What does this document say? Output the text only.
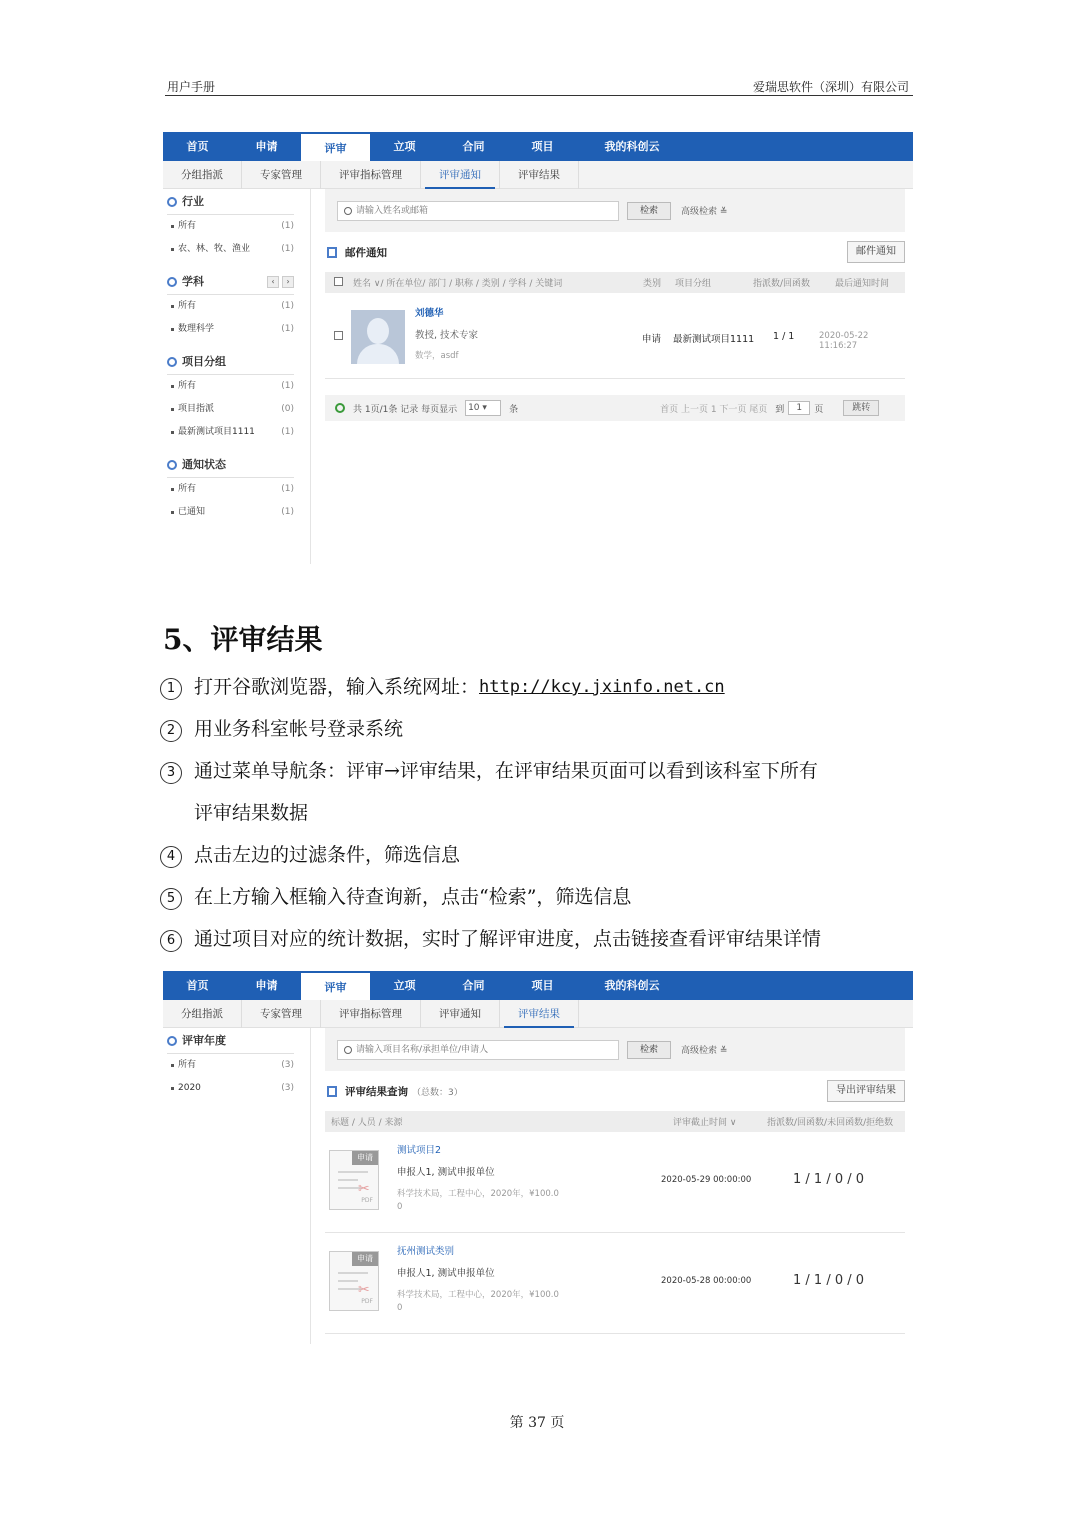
用户手册	爱瑞思软件（深圳）有限公司
首页	申请	评审	立项	合同	项目	我的科创云
分组指派	专家管理	评审指标管理	评审通知	评审结果
行业
所有	(1)
农、林、牧、渔业	(1)
学科	‹	›
所有	(1)
数理科学	(1)
项目分组
所有	(1)
项目指派	(0)
最新测试项目1111	(1)
通知状态
所有	(1)
已通知	(1)
请输入姓名或邮箱	检索	高级检索 ≚
邮件通知	邮件通知
姓名 ∨/ 所在单位/ 部门 / 职称 / 类别 / 学科 / 关键词	类别 项目分组	指派数/回函数	最后通知时间
刘德华
教授, 技术专家
数学，asdf
申请 最新测试项目1111 1 / 1	2020-05-22 11:16:27
共 1页/1条 记录 每页显示	10 ▾	条	首页 上一页 1 下一页 尾页 到	1	页	跳转
5、评审结果
1 打开谷歌浏览器，输入系统网址： http://kcy.jxinfo.net.cn
2 用业务科室帐号登录系统
3 通过菜单导航条：评审→评审结果，在评审结果页面可以看到该科室下所有
评审结果数据
4 点击左边的过滤条件，筛选信息
5 在上方输入框输入待查询新，点击“检索”，筛选信息
6 通过项目对应的统计数据，实时了解评审进度，点击链接查看评审结果详情
首页	申请	评审	立项	合同	项目	我的科创云
分组指派	专家管理	评审指标管理	评审通知	评审结果
评审年度
所有	(3)
2020	(3)
请输入项目名称/承担单位/申请人	检索	高级检索 ≚
评审结果查询 （总数：3）	导出评审结果
标题 / 人员 / 来源	评审截止时间 ∨	指派数/回函数/未回函数/拒绝数
申请
✂
PDF
测试项目2
申报人1, 测试申报单位
科学技术局，工程中心，2020年，¥100.0
0
2020-05-29 00:00:00	1 / 1 / 0 / 0
申请
✂
PDF
抚州测试类别
申报人1, 测试申报单位
科学技术局，工程中心，2020年，¥100.0
0
2020-05-28 00:00:00	1 / 1 / 0 / 0
第 37 页
